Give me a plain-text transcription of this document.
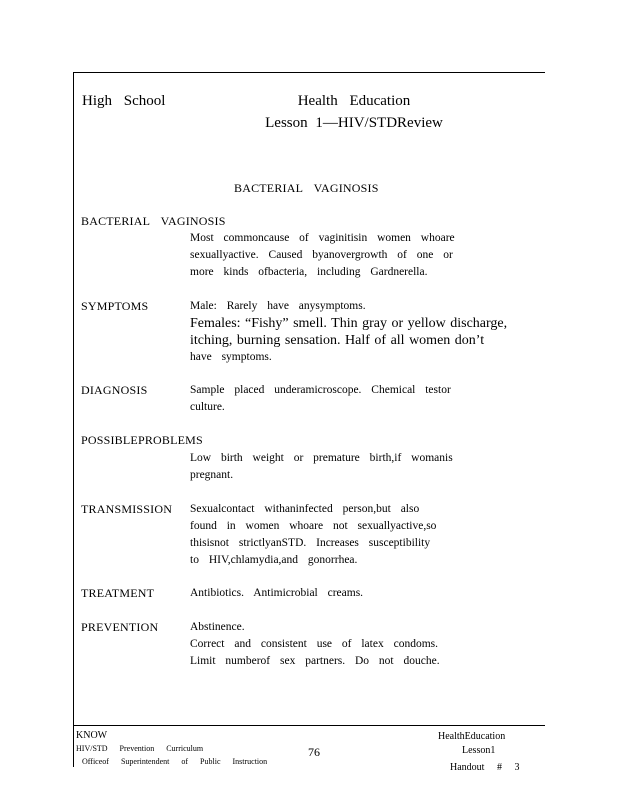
High School	Health Education
Lesson 1—HIV/STDReview
BACTERIAL VAGINOSIS
BACTERIAL VAGINOSIS
Most commoncause of vaginitisin women whoare
sexuallyactive. Caused byanovergrowth of one or
more kinds ofbacteria, including Gardnerella.
SYMPTOMS	Male: Rarely have anysymptoms.
Females: “Fishy” smell. Thin gray or yellow discharge,
itching, burning sensation. Half of all women don’t
have symptoms.
DIAGNOSIS	Sample placed underamicroscope. Chemical testor
culture.
POSSIBLEPROBLEMS
Low birth weight or premature birth,if womanis
pregnant.
TRANSMISSION Sexualcontact withaninfected person,but also
found in women whoare not sexuallyactive,so
thisisnot strictlyanSTD. Increases susceptibility
to HIV,chlamydia,and gonorrhea.
TREATMENT	Antibiotics. Antimicrobial creams.
PREVENTION	Abstinence.
Correct and consistent use of latex condoms.
Limit numberof sex partners. Do not douche.
KNOW
HIV/STD Prevention Curriculum
Officeof Superintendent of Public Instruction
76
HealthEducation
Lesson1
Handout # 3
